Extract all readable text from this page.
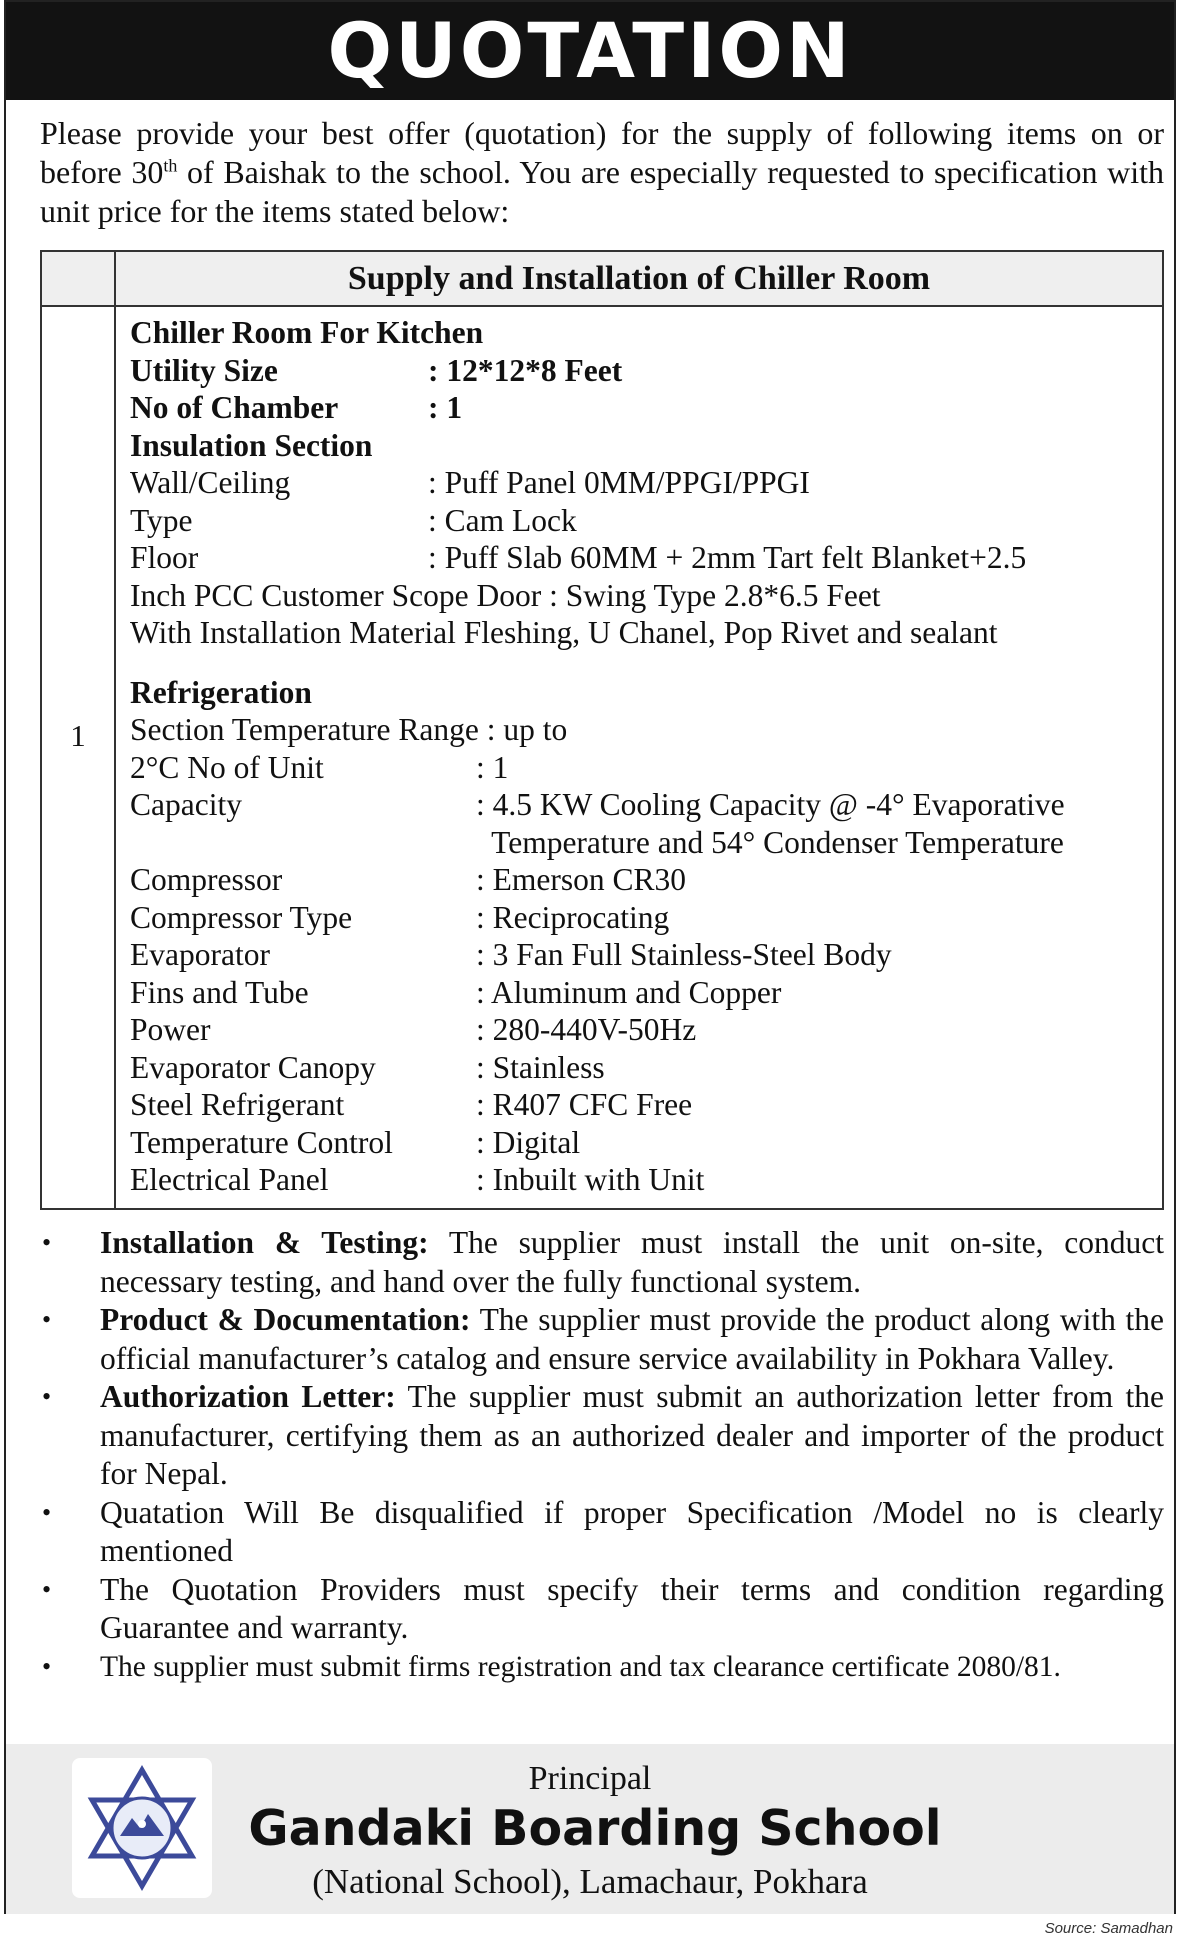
QUOTATION
Please provide your best offer (quotation) for the supply of following items on or before 30th of Baishak to the school. You are especially requested to specification with unit price for the items stated below:
Supply and Installation of Chiller Room
1
Chiller Room For Kitchen
Utility Size	: 12*12*8 Feet
No of Chamber	: 1
Insulation Section
Wall/Ceiling	: Puff Panel 0MM/PPGI/PPGI
Type	: Cam Lock
Floor	: Puff Slab 60MM + 2mm Tart felt Blanket+2.5
Inch PCC Customer Scope Door : Swing Type 2.8*6.5 Feet
With Installation Material Fleshing, U Chanel, Pop Rivet and sealant
Refrigeration
Section Temperature Range : up to
2°C No of Unit	: 1
Capacity	: 4.5 KW Cooling Capacity @ -4° Evaporative
Temperature and 54° Condenser Temperature
Compressor	: Emerson CR30
Compressor Type	: Reciprocating
Evaporator	: 3 Fan Full Stainless-Steel Body
Fins and Tube	: Aluminum and Copper
Power	: 280-440V-50Hz
Evaporator Canopy	: Stainless
Steel Refrigerant	: R407 CFC Free
Temperature Control	: Digital
Electrical Panel	: Inbuilt with Unit
• Installation & Testing: The supplier must install the unit on-site, conduct necessary testing, and hand over the fully functional system.
• Product & Documentation: The supplier must provide the product along with the official manufacturer’s catalog and ensure service availability in Pokhara Valley.
• Authorization Letter: The supplier must submit an authorization letter from the manufacturer, certifying them as an authorized dealer and importer of the product for Nepal.
• Quatation Will Be disqualified if proper Specification /Model no is clearly mentioned
• The Quotation Providers must specify their terms and condition regarding Guarantee and warranty.
• The supplier must submit firms registration and tax clearance certificate 2080/81.
Principal
Gandaki Boarding School
(National School), Lamachaur, Pokhara
Source: Samadhan
